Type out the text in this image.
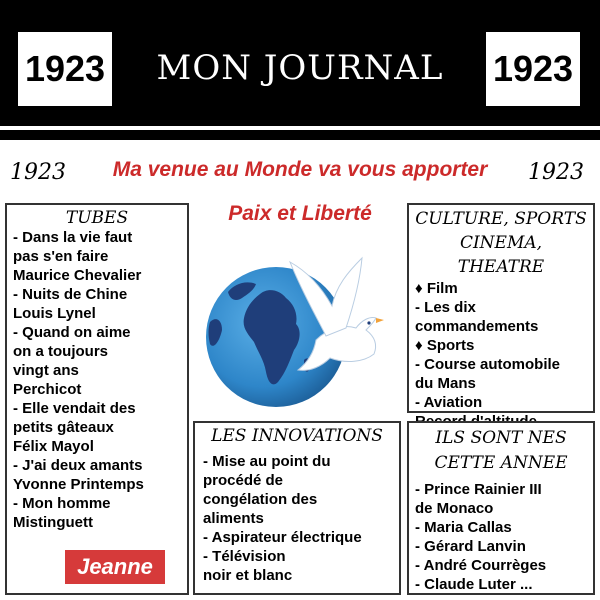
1923	MON JOURNAL	1923
1923	Ma venue au Monde va vous apporter	1923
Paix et Liberté
TUBES
- Dans la vie faut
pas s'en faire
Maurice Chevalier
- Nuits de Chine
Louis Lynel
- Quand on aime
on a toujours
vingt ans
Perchicot
- Elle vendait des
petits gâteaux
Félix Mayol
- J'ai deux amants
Yvonne Printemps
- Mon homme
Mistinguett
Jeanne
CULTURE, SPORTS
CINEMA, THEATRE
♦ Film
- Les dix
commandements
♦ Sports
- Course automobile
du Mans
- Aviation
LES INNOVATIONS
- Mise au point du
procédé de
congélation des
aliments
- Aspirateur électrique
- Télévision
noir et blanc
ILS SONT NES
CETTE ANNEE
- Prince Rainier III
de Monaco
- Maria Callas
- Gérard Lanvin
- André Courrèges
- Claude Luter ...
